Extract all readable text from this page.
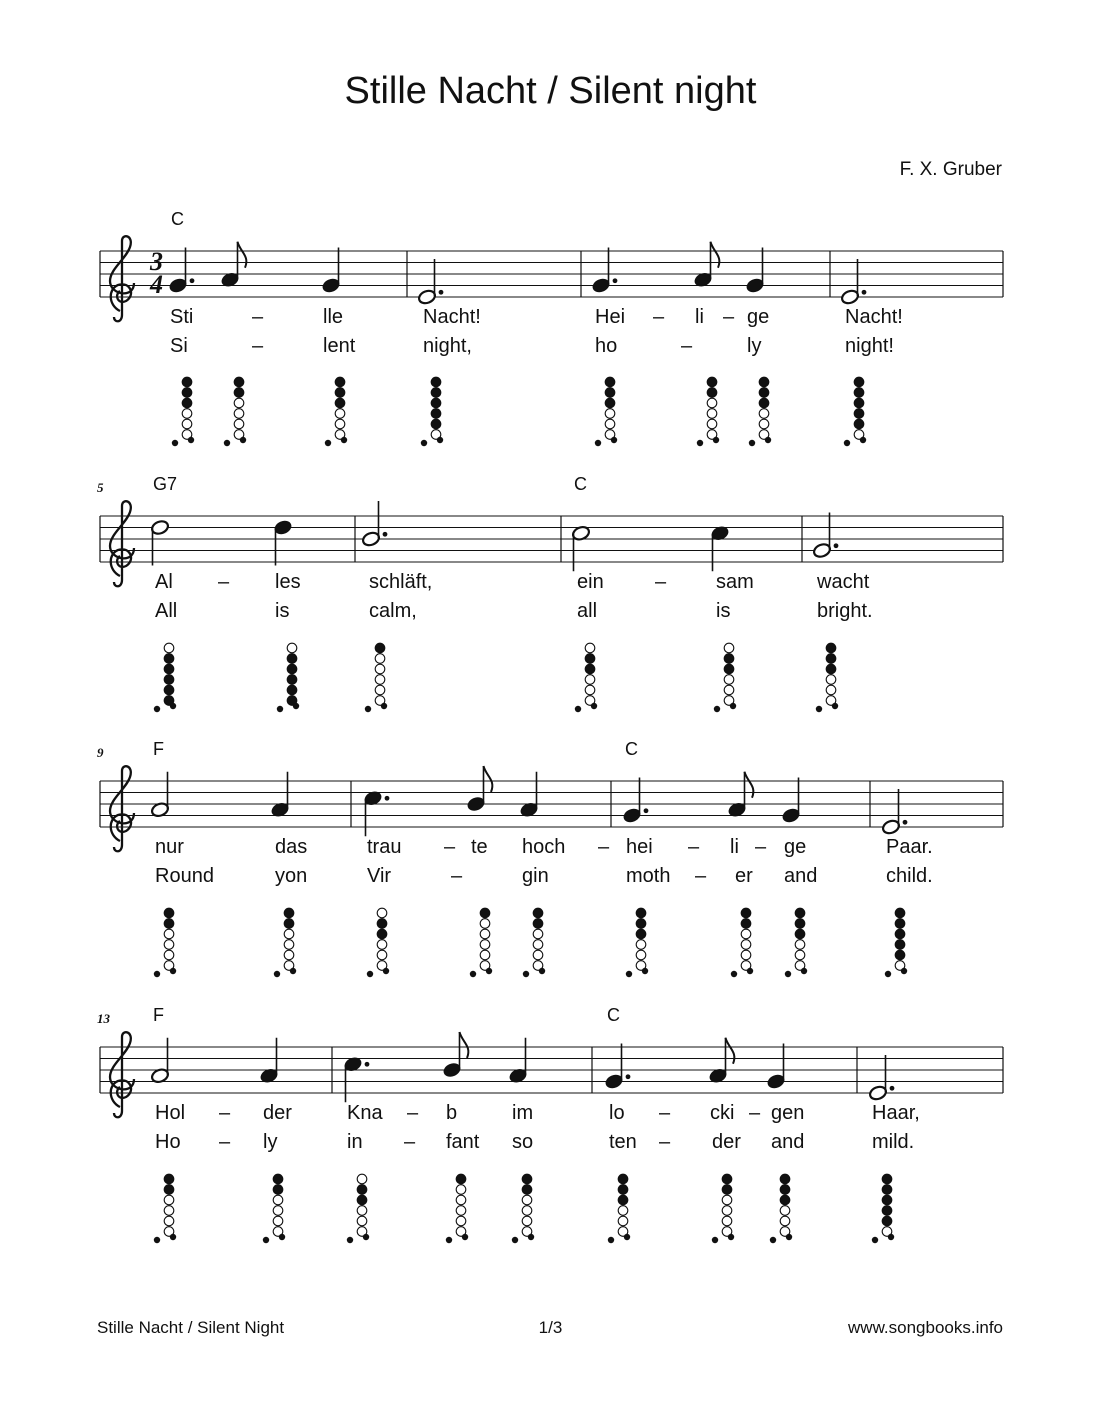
Stille Nacht / Silent night
F. X. Gruber
3
4
C
Sti	–	lle	Nacht!	Hei – li – ge	Nacht!
Si	–	lent	night,	ho	–	ly	night!
5	G7	C
Al – les	schläft,	ein	– sam	wacht
All	is	calm,	all	is	bright.
9	F	C
nur	das	trau – te hoch – hei – li – ge	Paar.
Round	yon	Vir	–	gin	moth – er and	child.
13 F	C
Hol – der	Kna – b	im	lo – cki – gen	Haar,
Ho – ly	in – fant so	ten – der and	mild.
Stille Nacht / Silent Night	1/3	www.songbooks.info
